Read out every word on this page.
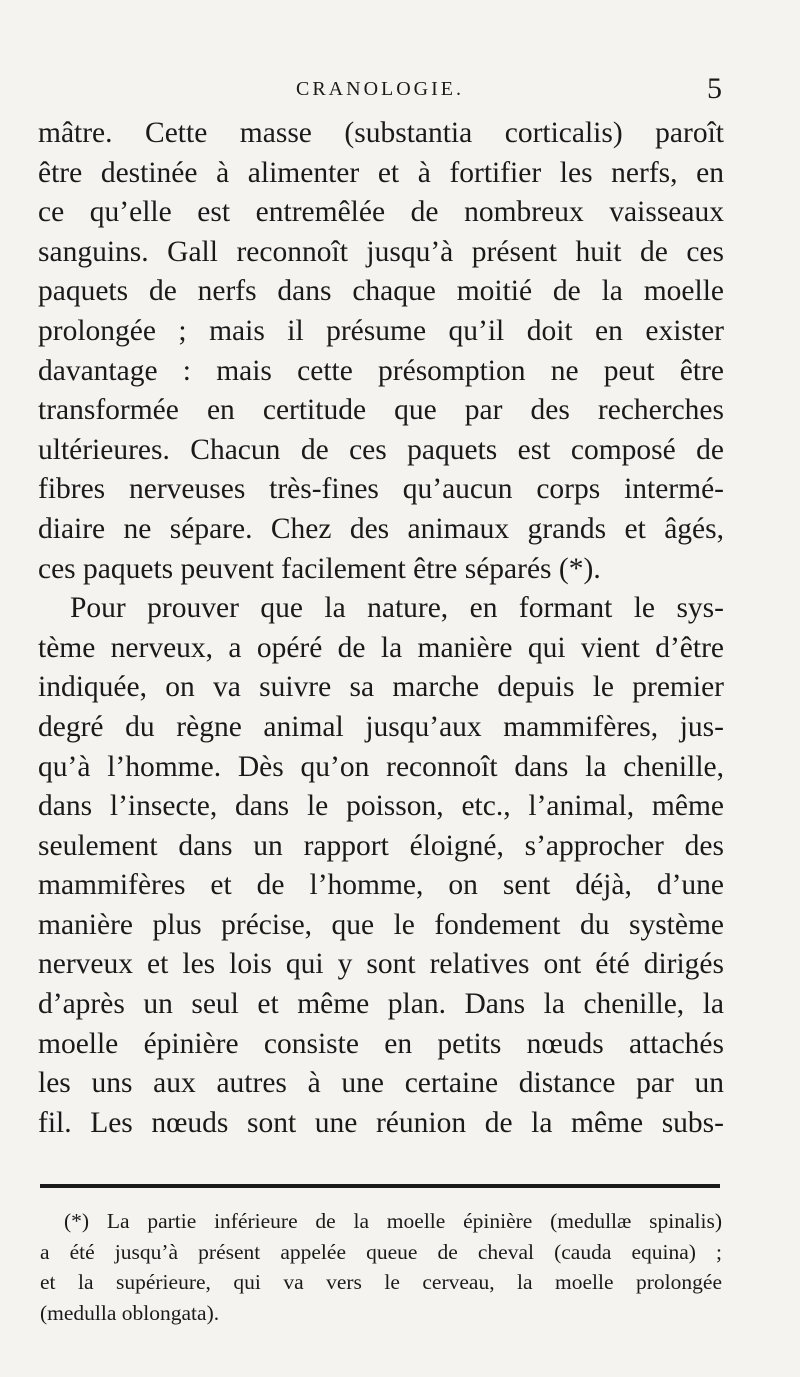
CRANOLOGIE.	5
mâtre. Cette masse (substantia corticalis) paroît
être destinée à alimenter et à fortifier les nerfs, en
ce qu’elle est entremêlée de nombreux vaisseaux
sanguins. Gall reconnoît jusqu’à présent huit de ces
paquets de nerfs dans chaque moitié de la moelle
prolongée ; mais il présume qu’il doit en exister
davantage : mais cette présomption ne peut être
transformée en certitude que par des recherches
ultérieures. Chacun de ces paquets est composé de
fibres nerveuses très-fines qu’aucun corps intermé-
diaire ne sépare. Chez des animaux grands et âgés,
ces paquets peuvent facilement être séparés (*).
Pour prouver que la nature, en formant le sys-
tème nerveux, a opéré de la manière qui vient d’être
indiquée, on va suivre sa marche depuis le premier
degré du règne animal jusqu’aux mammifères, jus-
qu’à l’homme. Dès qu’on reconnoît dans la chenille,
dans l’insecte, dans le poisson, etc., l’animal, même
seulement dans un rapport éloigné, s’approcher des
mammifères et de l’homme, on sent déjà, d’une
manière plus précise, que le fondement du système
nerveux et les lois qui y sont relatives ont été dirigés
d’après un seul et même plan. Dans la chenille, la
moelle épinière consiste en petits nœuds attachés
les uns aux autres à une certaine distance par un
fil. Les nœuds sont une réunion de la même subs-
(*) La partie inférieure de la moelle épinière (medullæ spinalis)
a été jusqu’à présent appelée queue de cheval (cauda equina) ;
et la supérieure, qui va vers le cerveau, la moelle prolongée
(medulla oblongata).
